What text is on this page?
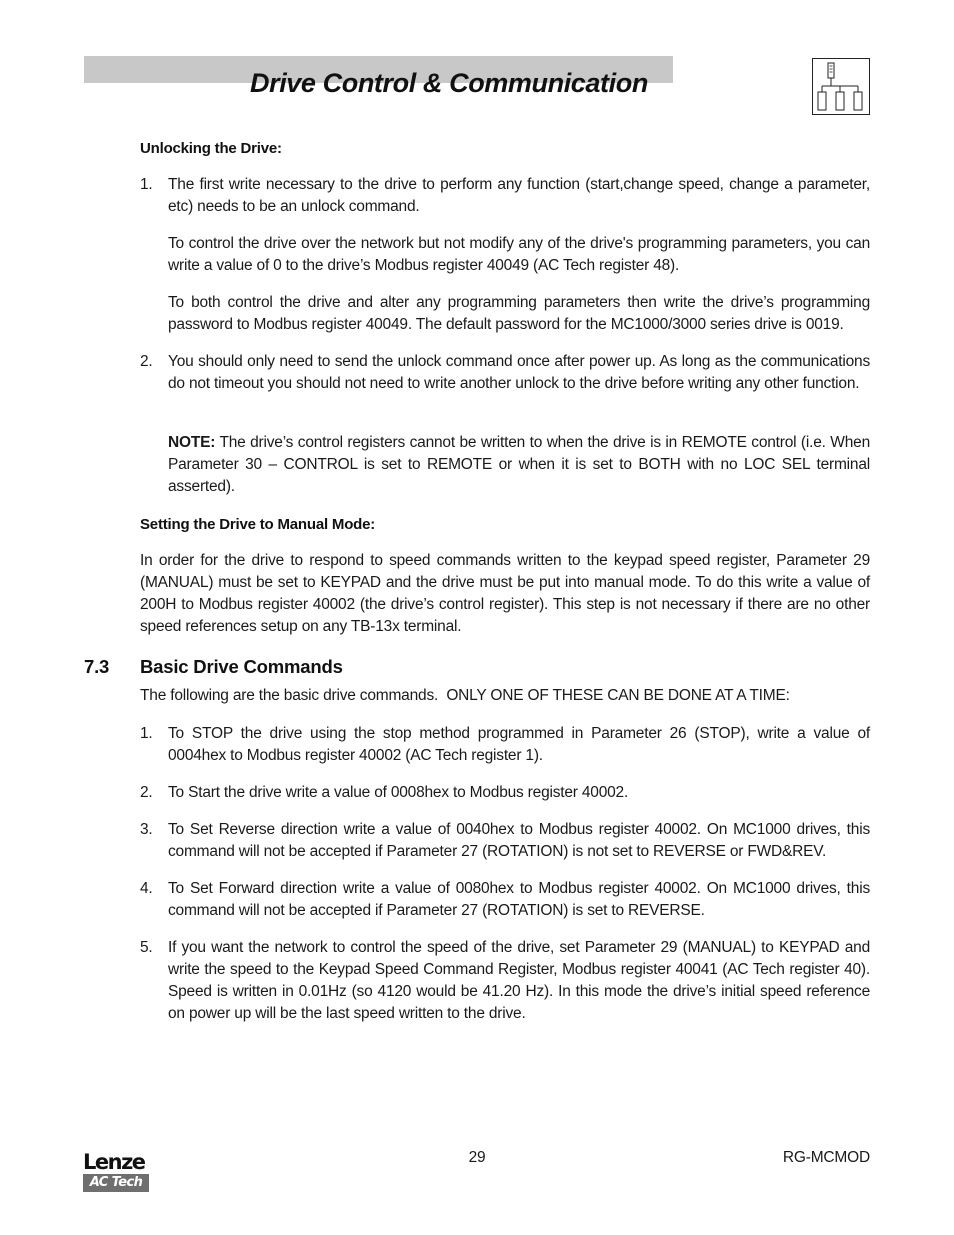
Drive Control & Communication

Unlocking the Drive:

1. The first write necessary to the drive to perform any function (start,change speed, change a parameter, etc) needs to be an unlock command.

To control the drive over the network but not modify any of the drive's programming parameters, you can write a value of 0 to the drive’s Modbus register 40049 (AC Tech register 48).

To both control the drive and alter any programming parameters then write the drive’s programming password to Modbus register 40049. The default password for the MC1000/3000 series drive is 0019.

2. You should only need to send the unlock command once after power up. As long as the communications do not timeout you should not need to write another unlock to the drive before writing any other function.

NOTE: The drive’s control registers cannot be written to when the drive is in REMOTE control (i.e. When Parameter 30 – CONTROL is set to REMOTE or when it is set to BOTH with no LOC SEL terminal asserted).

Setting the Drive to Manual Mode:

In order for the drive to respond to speed commands written to the keypad speed register, Parameter 29 (MANUAL) must be set to KEYPAD and the drive must be put into manual mode. To do this write a value of 200H to Modbus register 40002 (the drive’s control register). This step is not necessary if there are no other speed references setup on any TB-13x terminal.

7.3 Basic Drive Commands

The following are the basic drive commands.  ONLY ONE OF THESE CAN BE DONE AT A TIME:

1. To STOP the drive using the stop method programmed in Parameter 26 (STOP), write a value of 0004hex to Modbus register 40002 (AC Tech register 1).

2. To Start the drive write a value of 0008hex to Modbus register 40002.

3. To Set Reverse direction write a value of 0040hex to Modbus register 40002. On MC1000 drives, this command will not be accepted if Parameter 27 (ROTATION) is not set to REVERSE or FWD&REV.

4. To Set Forward direction write a value of 0080hex to Modbus register 40002. On MC1000 drives, this command will not be accepted if Parameter 27 (ROTATION) is set to REVERSE.

5. If you want the network to control the speed of the drive, set Parameter 29 (MANUAL) to KEYPAD and write the speed to the Keypad Speed Command Register, Modbus register 40041 (AC Tech register 40). Speed is written in 0.01Hz (so 4120 would be 41.20 Hz). In this mode the drive’s initial speed reference on power up will be the last speed written to the drive.

Lenze
AC Tech

29	RG-MCMOD
